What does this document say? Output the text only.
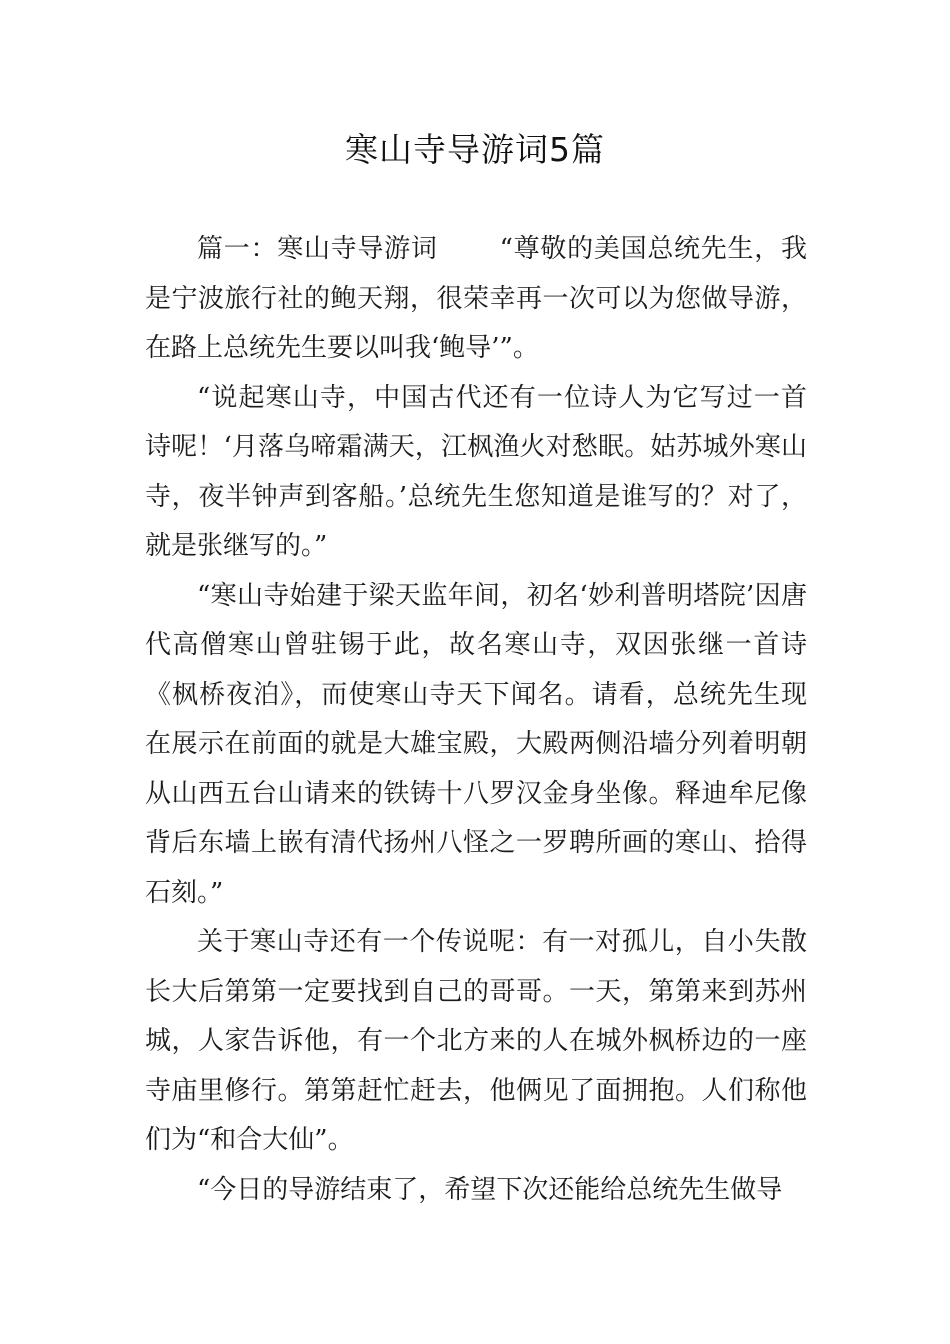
寒山寺导游词5篇

篇一：寒山寺导游词 “尊敬的美国总统先生，我是宁波旅行社的鲍天翔，很荣幸再一次可以为您做导游，在路上总统先生要以叫我‘鲍导’”。

“说起寒山寺，中国古代还有一位诗人为它写过一首诗呢！‘月落乌啼霜满天，江枫渔火对愁眠。姑苏城外寒山寺，夜半钟声到客船。’总统先生您知道是谁写的？对了，就是张继写的。”

“寒山寺始建于梁天监年间，初名‘妙利普明塔院’因唐代高僧寒山曾驻锡于此，故名寒山寺，双因张继一首诗《枫桥夜泊》，而使寒山寺天下闻名。请看，总统先生现在展示在前面的就是大雄宝殿，大殿两侧沿墙分列着明朝从山西五台山请来的铁铸十八罗汉金身坐像。释迪牟尼像背后东墙上嵌有清代扬州八怪之一罗聘所画的寒山、拾得石刻。”

关于寒山寺还有一个传说呢：有一对孤儿，自小失散长大后第第一定要找到自己的哥哥。一天，第第来到苏州城，人家告诉他，有一个北方来的人在城外枫桥边的一座寺庙里修行。第第赶忙赶去，他俩见了面拥抱。人们称他们为“和合大仙”。

“今日的导游结束了，希望下次还能给总统先生做导
